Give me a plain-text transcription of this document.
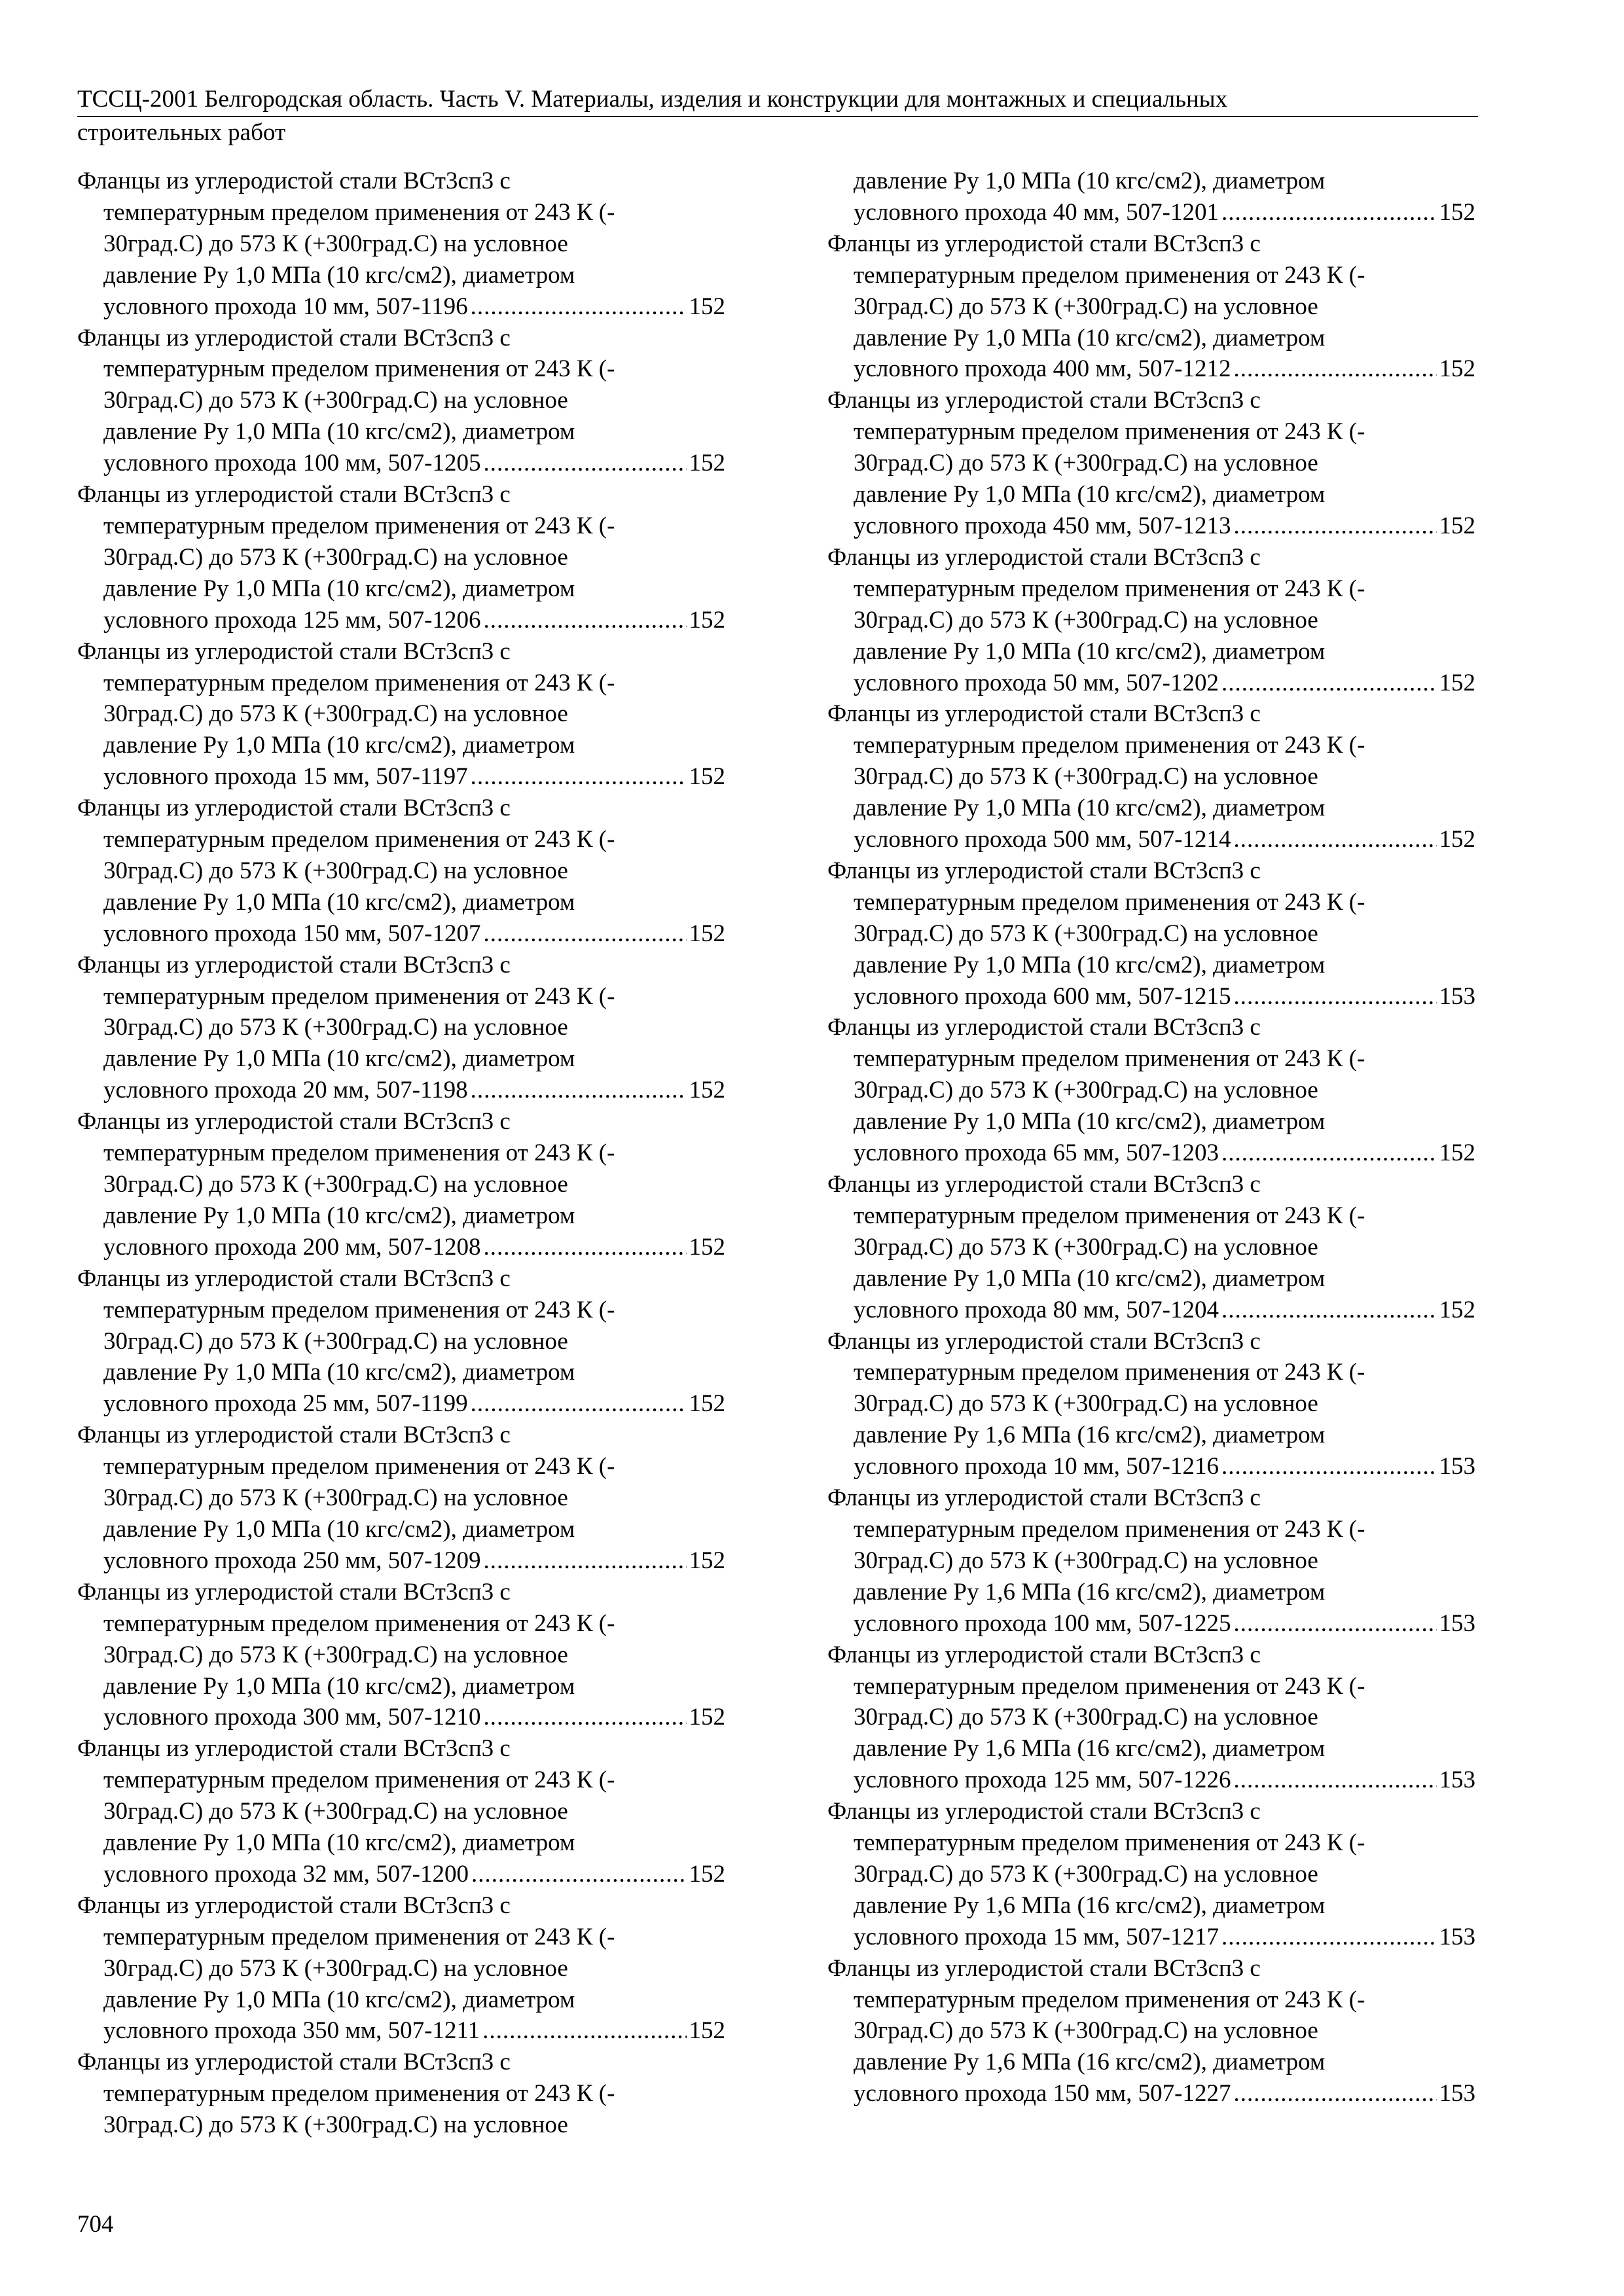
ТССЦ-2001 Белгородская область. Часть V. Материалы, изделия и конструкции для монтажных и специальных
строительных работ
Фланцы из углеродистой стали ВСт3сп3 с
температурным пределом применения от 243 К (-
30град.С) до 573 К (+300град.С) на условное
давление Ру 1,0 МПа (10 кгс/см2), диаметром
условного прохода 10 мм, 507-1196 .....	152
Фланцы из углеродистой стали ВСт3сп3 с
температурным пределом применения от 243 К (-
30град.С) до 573 К (+300град.С) на условное
давление Ру 1,0 МПа (10 кгс/см2), диаметром
условного прохода 100 мм, 507-1205 .....	152
Фланцы из углеродистой стали ВСт3сп3 с
температурным пределом применения от 243 К (-
30град.С) до 573 К (+300град.С) на условное
давление Ру 1,0 МПа (10 кгс/см2), диаметром
условного прохода 125 мм, 507-1206 .....	152
Фланцы из углеродистой стали ВСт3сп3 с
температурным пределом применения от 243 К (-
30град.С) до 573 К (+300град.С) на условное
давление Ру 1,0 МПа (10 кгс/см2), диаметром
условного прохода 15 мм, 507-1197 .....	152
Фланцы из углеродистой стали ВСт3сп3 с
температурным пределом применения от 243 К (-
30град.С) до 573 К (+300град.С) на условное
давление Ру 1,0 МПа (10 кгс/см2), диаметром
условного прохода 150 мм, 507-1207 .....	152
Фланцы из углеродистой стали ВСт3сп3 с
температурным пределом применения от 243 К (-
30град.С) до 573 К (+300град.С) на условное
давление Ру 1,0 МПа (10 кгс/см2), диаметром
условного прохода 20 мм, 507-1198 .....	152
Фланцы из углеродистой стали ВСт3сп3 с
температурным пределом применения от 243 К (-
30град.С) до 573 К (+300град.С) на условное
давление Ру 1,0 МПа (10 кгс/см2), диаметром
условного прохода 200 мм, 507-1208 .....	152
Фланцы из углеродистой стали ВСт3сп3 с
температурным пределом применения от 243 К (-
30град.С) до 573 К (+300град.С) на условное
давление Ру 1,0 МПа (10 кгс/см2), диаметром
условного прохода 25 мм, 507-1199 .....	152
Фланцы из углеродистой стали ВСт3сп3 с
температурным пределом применения от 243 К (-
30град.С) до 573 К (+300град.С) на условное
давление Ру 1,0 МПа (10 кгс/см2), диаметром
условного прохода 250 мм, 507-1209 .....	152
Фланцы из углеродистой стали ВСт3сп3 с
температурным пределом применения от 243 К (-
30град.С) до 573 К (+300град.С) на условное
давление Ру 1,0 МПа (10 кгс/см2), диаметром
условного прохода 300 мм, 507-1210 .....	152
Фланцы из углеродистой стали ВСт3сп3 с
температурным пределом применения от 243 К (-
30град.С) до 573 К (+300град.С) на условное
давление Ру 1,0 МПа (10 кгс/см2), диаметром
условного прохода 32 мм, 507-1200 .....	152
Фланцы из углеродистой стали ВСт3сп3 с
температурным пределом применения от 243 К (-
30град.С) до 573 К (+300град.С) на условное
давление Ру 1,0 МПа (10 кгс/см2), диаметром
условного прохода 350 мм, 507-1211 .....	152
Фланцы из углеродистой стали ВСт3сп3 с
температурным пределом применения от 243 К (-
30град.С) до 573 К (+300град.С) на условное
давление Ру 1,0 МПа (10 кгс/см2), диаметром
условного прохода 40 мм, 507-1201 .....	152
Фланцы из углеродистой стали ВСт3сп3 с
температурным пределом применения от 243 К (-
30град.С) до 573 К (+300град.С) на условное
давление Ру 1,0 МПа (10 кгс/см2), диаметром
условного прохода 400 мм, 507-1212 .....	152
Фланцы из углеродистой стали ВСт3сп3 с
температурным пределом применения от 243 К (-
30град.С) до 573 К (+300град.С) на условное
давление Ру 1,0 МПа (10 кгс/см2), диаметром
условного прохода 450 мм, 507-1213 .....	152
Фланцы из углеродистой стали ВСт3сп3 с
температурным пределом применения от 243 К (-
30град.С) до 573 К (+300град.С) на условное
давление Ру 1,0 МПа (10 кгс/см2), диаметром
условного прохода 50 мм, 507-1202 .....	152
Фланцы из углеродистой стали ВСт3сп3 с
температурным пределом применения от 243 К (-
30град.С) до 573 К (+300град.С) на условное
давление Ру 1,0 МПа (10 кгс/см2), диаметром
условного прохода 500 мм, 507-1214 .....	152
Фланцы из углеродистой стали ВСт3сп3 с
температурным пределом применения от 243 К (-
30град.С) до 573 К (+300град.С) на условное
давление Ру 1,0 МПа (10 кгс/см2), диаметром
условного прохода 600 мм, 507-1215 .....	153
Фланцы из углеродистой стали ВСт3сп3 с
температурным пределом применения от 243 К (-
30град.С) до 573 К (+300град.С) на условное
давление Ру 1,0 МПа (10 кгс/см2), диаметром
условного прохода 65 мм, 507-1203 .....	152
Фланцы из углеродистой стали ВСт3сп3 с
температурным пределом применения от 243 К (-
30град.С) до 573 К (+300град.С) на условное
давление Ру 1,0 МПа (10 кгс/см2), диаметром
условного прохода 80 мм, 507-1204 .....	152
Фланцы из углеродистой стали ВСт3сп3 с
температурным пределом применения от 243 К (-
30град.С) до 573 К (+300град.С) на условное
давление Ру 1,6 МПа (16 кгс/см2), диаметром
условного прохода 10 мм, 507-1216 .....	153
Фланцы из углеродистой стали ВСт3сп3 с
температурным пределом применения от 243 К (-
30град.С) до 573 К (+300град.С) на условное
давление Ру 1,6 МПа (16 кгс/см2), диаметром
условного прохода 100 мм, 507-1225 .....	153
Фланцы из углеродистой стали ВСт3сп3 с
температурным пределом применения от 243 К (-
30град.С) до 573 К (+300град.С) на условное
давление Ру 1,6 МПа (16 кгс/см2), диаметром
условного прохода 125 мм, 507-1226 .....	153
Фланцы из углеродистой стали ВСт3сп3 с
температурным пределом применения от 243 К (-
30град.С) до 573 К (+300град.С) на условное
давление Ру 1,6 МПа (16 кгс/см2), диаметром
условного прохода 15 мм, 507-1217 .....	153
Фланцы из углеродистой стали ВСт3сп3 с
температурным пределом применения от 243 К (-
30град.С) до 573 К (+300град.С) на условное
давление Ру 1,6 МПа (16 кгс/см2), диаметром
условного прохода 150 мм, 507-1227 .....	153
704
